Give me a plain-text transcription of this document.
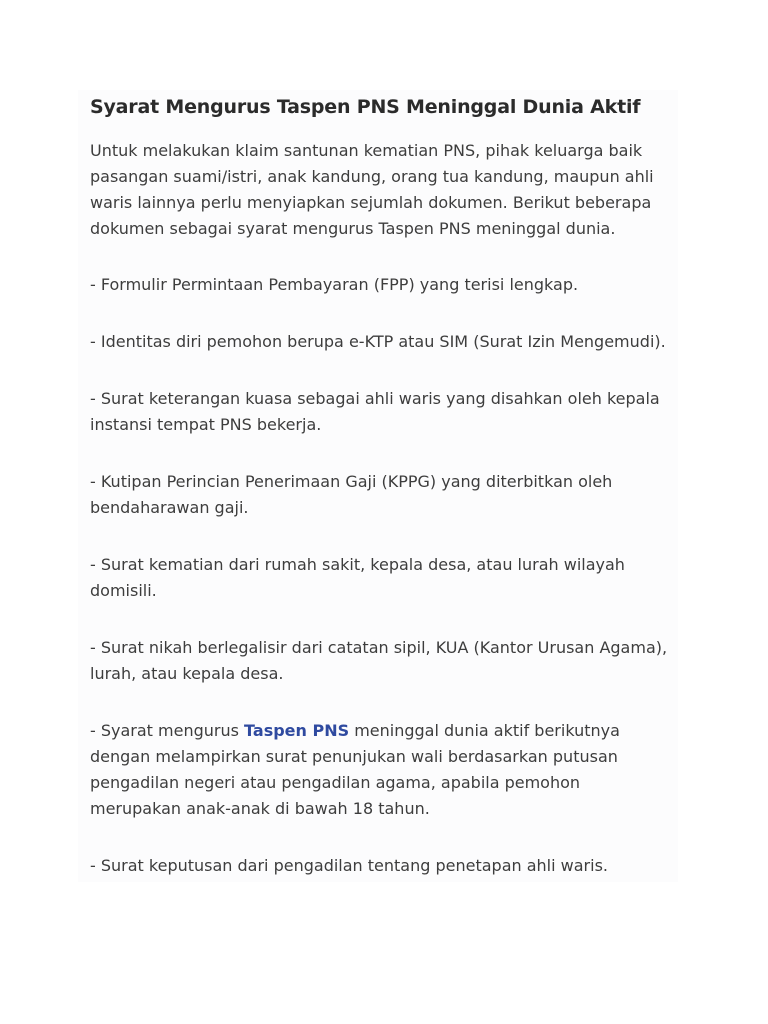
Syarat Mengurus Taspen PNS Meninggal Dunia Aktif

Untuk melakukan klaim santunan kematian PNS, pihak keluarga baik pasangan suami/istri, anak kandung, orang tua kandung, maupun ahli waris lainnya perlu menyiapkan sejumlah dokumen. Berikut beberapa dokumen sebagai syarat mengurus Taspen PNS meninggal dunia.

- Formulir Permintaan Pembayaran (FPP) yang terisi lengkap.
- Identitas diri pemohon berupa e-KTP atau SIM (Surat Izin Mengemudi).
- Surat keterangan kuasa sebagai ahli waris yang disahkan oleh kepala instansi tempat PNS bekerja.
- Kutipan Perincian Penerimaan Gaji (KPPG) yang diterbitkan oleh bendaharawan gaji.
- Surat kematian dari rumah sakit, kepala desa, atau lurah wilayah domisili.
- Surat nikah berlegalisir dari catatan sipil, KUA (Kantor Urusan Agama), lurah, atau kepala desa.
- Syarat mengurus Taspen PNS meninggal dunia aktif berikutnya dengan melampirkan surat penunjukan wali berdasarkan putusan pengadilan negeri atau pengadilan agama, apabila pemohon merupakan anak-anak di bawah 18 tahun.
- Surat keputusan dari pengadilan tentang penetapan ahli waris.
